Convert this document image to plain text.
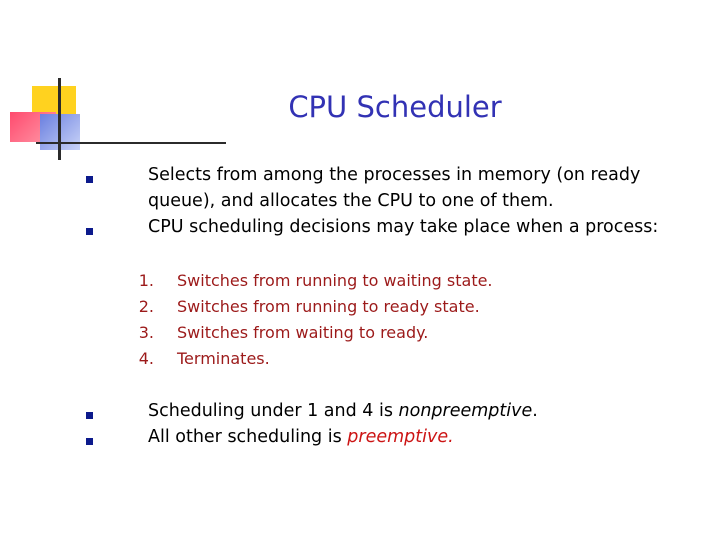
CPU Scheduler
Selects from among the processes in memory (on ready
queue), and allocates the CPU to one of them.
CPU scheduling decisions may take place when a process:
1. Switches from running to waiting state.
2. Switches from running to ready state.
3. Switches from waiting to ready.
4. Terminates.
Scheduling under 1 and 4 is nonpreemptive.
All other scheduling is preemptive.
